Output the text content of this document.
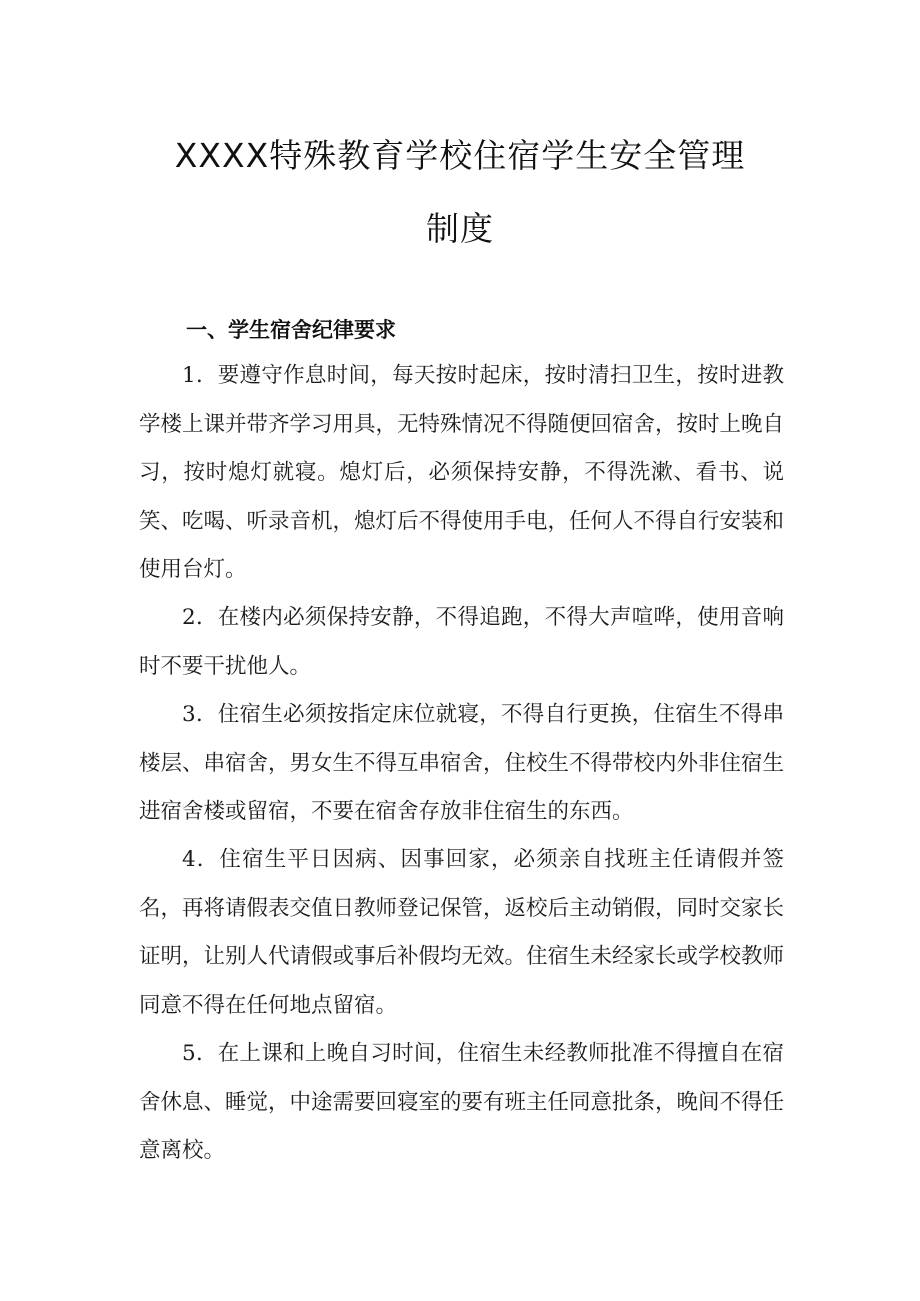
XXXX特殊教育学校住宿学生安全管理
制度
一、学生宿舍纪律要求
1．要遵守作息时间，每天按时起床，按时清扫卫生，按时进教学楼上课并带齐学习用具，无特殊情况不得随便回宿舍，按时上晚自习，按时熄灯就寝。熄灯后，必须保持安静，不得洗漱、看书、说笑、吃喝、听录音机，熄灯后不得使用手电，任何人不得自行安装和使用台灯。
2．在楼内必须保持安静，不得追跑，不得大声喧哗，使用音响时不要干扰他人。
3．住宿生必须按指定床位就寝，不得自行更换，住宿生不得串楼层、串宿舍，男女生不得互串宿舍，住校生不得带校内外非住宿生进宿舍楼或留宿，不要在宿舍存放非住宿生的东西。
4．住宿生平日因病、因事回家，必须亲自找班主任请假并签名，再将请假表交值日教师登记保管，返校后主动销假，同时交家长证明，让别人代请假或事后补假均无效。住宿生未经家长或学校教师同意不得在任何地点留宿。
5．在上课和上晚自习时间，住宿生未经教师批准不得擅自在宿舍休息、睡觉，中途需要回寝室的要有班主任同意批条，晚间不得任意离校。
